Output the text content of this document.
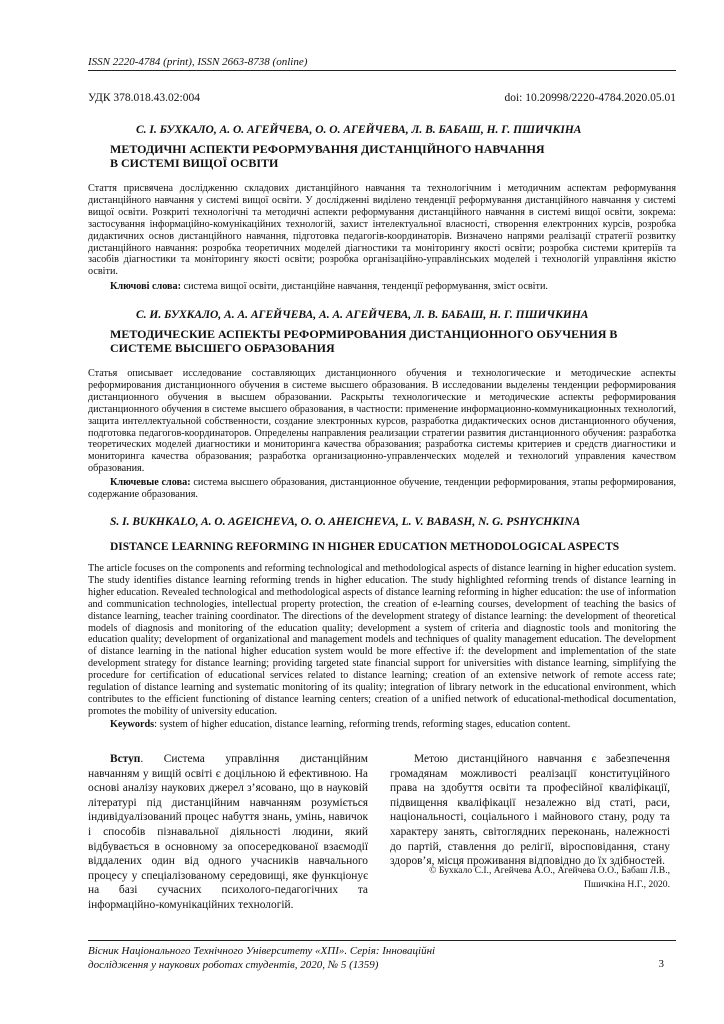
ISSN 2220-4784 (print), ISSN 2663-8738 (online)
УДК 378.018.43.02:004	doi: 10.20998/2220-4784.2020.05.01
С. І. БУХКАЛО, А. О. АГЕЙЧЕВА, О. О. АГЕЙЧЕВА, Л. В. БАБАШ, Н. Г. ПШИЧКІНА
МЕТОДИЧНІ АСПЕКТИ РЕФОРМУВАННЯ ДИСТАНЦІЙНОГО НАВЧАННЯ
В СИСТЕМІ ВИЩОЇ ОСВІТИ
Стаття присвячена дослідженню складових дистанційного навчання та технологічним і методичним аспектам реформування дистанційного навчання у системі вищої освіти. У дослідженні виділено тенденції реформування дистанційного навчання у системі вищої освіти. Розкриті технологічні та методичні аспекти реформування дистанційного навчання в системі вищої освіти, зокрема: застосування інформаційно-комунікаційних технологій, захист інтелектуальної власності, створення електронних курсів, розробка дидактичних основ дистанційного навчання, підготовка педагогів-координаторів. Визначено напрями реалізації стратегії розвитку дистанційного навчання: розробка теоретичних моделей діагностики та моніторингу якості освіти; розробка системи критеріїв та засобів діагностики та моніторингу якості освіти; розробка організаційно-управлінських моделей і технологій управління якістю освіти.
Ключові слова: система вищої освіти, дистанційне навчання, тенденції реформування, зміст освіти.
С. И. БУХКАЛО, А. А. АГЕЙЧЕВА, А. А. АГЕЙЧЕВА, Л. В. БАБАШ, Н. Г. ПШИЧКИНА
МЕТОДИЧЕСКИЕ АСПЕКТЫ РЕФОРМИРОВАНИЯ ДИСТАНЦИОННОГО ОБУЧЕНИЯ В
СИСТЕМЕ ВЫСШЕГО ОБРАЗОВАНИЯ
Статья описывает исследование составляющих дистанционного обучения и технологические и методические аспекты реформирования дистанционного обучения в системе высшего образования. В исследовании выделены тенденции реформирования дистанционного обучения в высшем образовании. Раскрыты технологические и методические аспекты реформирования дистанционного обучения в системе высшего образования, в частности: применение информационно-коммуникационных технологий, защита интеллектуальной собственности, создание электронных курсов, разработка дидактических основ дистанционного обучения, подготовка педагогов-координаторов. Определены направления реализации стратегии развития дистанционного обучения: разработка теоретических моделей диагностики и мониторинга качества образования; разработка системы критериев и средств диагностики и мониторинга качества образования; разработка организационно-управленческих моделей и технологий управления качеством образования.
Ключевые слова: система высшего образования, дистанционное обучение, тенденции реформирования, этапы реформирования, содержание образования.
S. I. BUKHKALO, A. O. AGEICHEVA, O. O. AHEICHEVA, L. V. BABASH, N. G. PSHYCHKINA
DISTANCE LEARNING REFORMING IN HIGHER EDUCATION METHODOLOGICAL ASPECTS
The article focuses on the components and reforming technological and methodological aspects of distance learning in higher education system. The study identifies distance learning reforming trends in higher education. The study highlighted reforming trends of distance learning in higher education. Revealed technological and methodological aspects of distance learning reforming in higher education: the use of information and communication technologies, intellectual property protection, the creation of e-learning courses, development of teaching the basics of distance learning, teacher training coordinator. The directions of the development strategy of distance learning: the development of theoretical models of diagnosis and monitoring of the education quality; development a system of criteria and diagnostic tools and monitoring the education quality; development of organizational and management models and techniques of quality management education. The development of distance learning in the national higher education system would be more effective if: the development and implementation of the state development strategy for distance learning; providing targeted state financial support for universities with distance learning, simplifying the procedure for certification of educational services related to distance learning; creation of an extensive network of remote access rate; regulation of distance learning and systematic monitoring of its quality; integration of library network in the educational environment, which contributes to the efficient functioning of distance learning centers; creation of a unified network of educational-methodical documentation, promotes the mobility of university education.
Keywords: system of higher education, distance learning, reforming trends, reforming stages, education content.
Вступ. Система управління дистанційним навчанням у вищій освіті є доцільною й ефективною. На основі аналізу наукових джерел з’ясовано, що в науковій літературі під дистанційним навчанням розуміється індивідуалізований процес набуття знань, умінь, навичок і способів пізнавальної діяльності людини, який відбувається в основному за опосередкованої взаємодії віддалених один від одного учасників навчального процесу у спеціалізованому середовищі, яке функціонує на базі сучасних психолого-педагогічних та інформаційно-комунікаційних технологій.
Метою дистанційного навчання є забезпечення громадянам можливості реалізації конституційного права на здобуття освіти та професійної кваліфікації, підвищення кваліфікації незалежно від статі, раси, національності, соціального і майнового стану, роду та характеру занять, світоглядних переконань, належності до партій, ставлення до релігії, віросповідання, стану здоров’я, місця проживання відповідно до їх здібностей.
© Бухкало С.І., Агейчева А.О., Агейчева О.О., Бабаш Л.В.,
Пшичкіна Н.Г., 2020.
Вісник Національного Технічного Університету «ХПІ». Серія: Інноваційні
дослідження у наукових роботах студентів, 2020, № 5 (1359)	3
